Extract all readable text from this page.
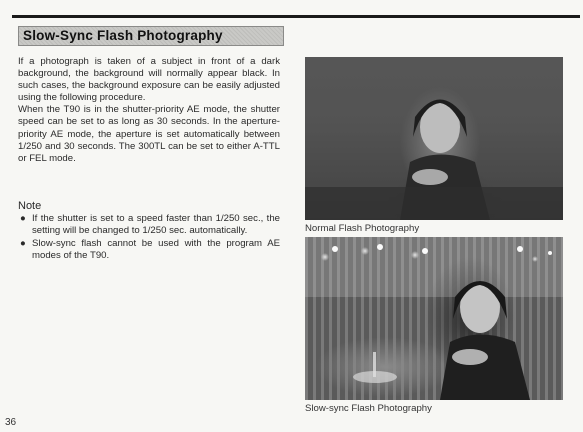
Slow-Sync Flash Photography

If a photograph is taken of a subject in front of a dark background, the background will normally appear black. In such cases, the background exposure can be easily adjusted using the following procedure.

When the T90 is in the shutter-priority AE mode, the shutter speed can be set to as long as 30 seconds. In the aperture-priority AE mode, the aperture is set automatically between 1/250 and 30 seconds. The 300TL can be set to either A-TTL or FEL mode.

Note
● If the shutter is set to a speed faster than 1/250 sec., the setting will be changed to 1/250 sec. automatically.
● Slow-sync flash cannot be used with the program AE modes of the T90.
Normal Flash Photography
Slow-sync Flash Photography
36
